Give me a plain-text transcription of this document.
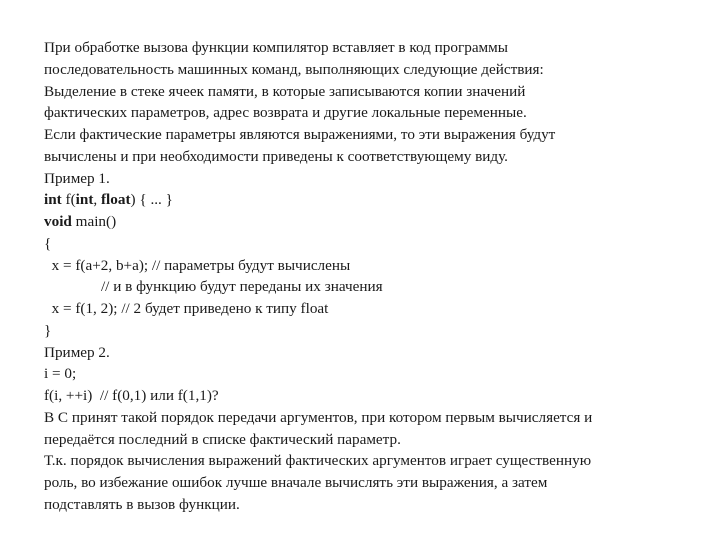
При обработке вызова функции компилятор вставляет в код программы
последовательность машинных команд, выполняющих следующие действия:
Выделение в стеке ячеек памяти, в которые записываются копии значений
фактических параметров, адрес возврата и другие локальные переменные.
Если фактические параметры являются выражениями, то эти выражения будут
вычислены и при необходимости приведены к соответствующему виду.
Пример 1.
int f(int, float) { ... }
void main()
{
x = f(a+2, b+a); // параметры будут вычислены
// и в функцию будут переданы их значения
x = f(1, 2); // 2 будет приведено к типу float
}
Пример 2.
i = 0;
f(i, ++i)  // f(0,1) или f(1,1)?
В С принят такой порядок передачи аргументов, при котором первым вычисляется и
передаётся последний в списке фактический параметр.
Т.к. порядок вычисления выражений фактических аргументов играет существенную
роль, во избежание ошибок лучше вначале вычислять эти выражения, а затем
подставлять в вызов функции.
